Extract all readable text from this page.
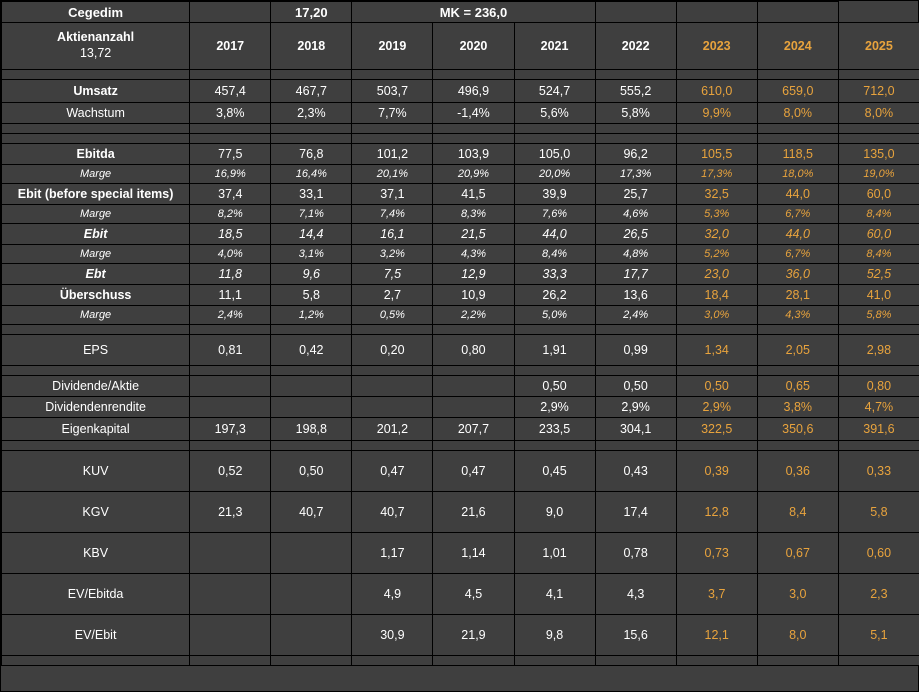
Cegedim		17,20	MK = 236,0						

Aktienanzahl
13,72	2017	2018	2019	2020	2021	2022	2023	2024	2025

Umsatz	457,4	467,7	503,7	496,9	524,7	555,2	610,0	659,0	712,0
Wachstum	3,8%	2,3%	7,7%	-1,4%	5,6%	5,8%	9,9%	8,0%	8,0%

Ebitda	77,5	76,8	101,2	103,9	105,0	96,2	105,5	118,5	135,0
Marge	16,9%	16,4%	20,1%	20,9%	20,0%	17,3%	17,3%	18,0%	19,0%
Ebit (before special items)	37,4	33,1	37,1	41,5	39,9	25,7	32,5	44,0	60,0
Marge	8,2%	7,1%	7,4%	8,3%	7,6%	4,6%	5,3%	6,7%	8,4%
Ebit	18,5	14,4	16,1	21,5	44,0	26,5	32,0	44,0	60,0
Marge	4,0%	3,1%	3,2%	4,3%	8,4%	4,8%	5,2%	6,7%	8,4%
Ebt	11,8	9,6	7,5	12,9	33,3	17,7	23,0	36,0	52,5
Überschuss	11,1	5,8	2,7	10,9	26,2	13,6	18,4	28,1	41,0
Marge	2,4%	1,2%	0,5%	2,2%	5,0%	2,4%	3,0%	4,3%	5,8%

EPS	0,81	0,42	0,20	0,80	1,91	0,99	1,34	2,05	2,98

Dividende/Aktie					0,50	0,50	0,50	0,65	0,80
Dividendenrendite					2,9%	2,9%	2,9%	3,8%	4,7%
Eigenkapital	197,3	198,8	201,2	207,7	233,5	304,1	322,5	350,6	391,6

KUV	0,52	0,50	0,47	0,47	0,45	0,43	0,39	0,36	0,33
KGV	21,3	40,7	40,7	21,6	9,0	17,4	12,8	8,4	5,8
KBV			1,17	1,14	1,01	0,78	0,73	0,67	0,60
EV/Ebitda			4,9	4,5	4,1	4,3	3,7	3,0	2,3
EV/Ebit			30,9	21,9	9,8	15,6	12,1	8,0	5,1
